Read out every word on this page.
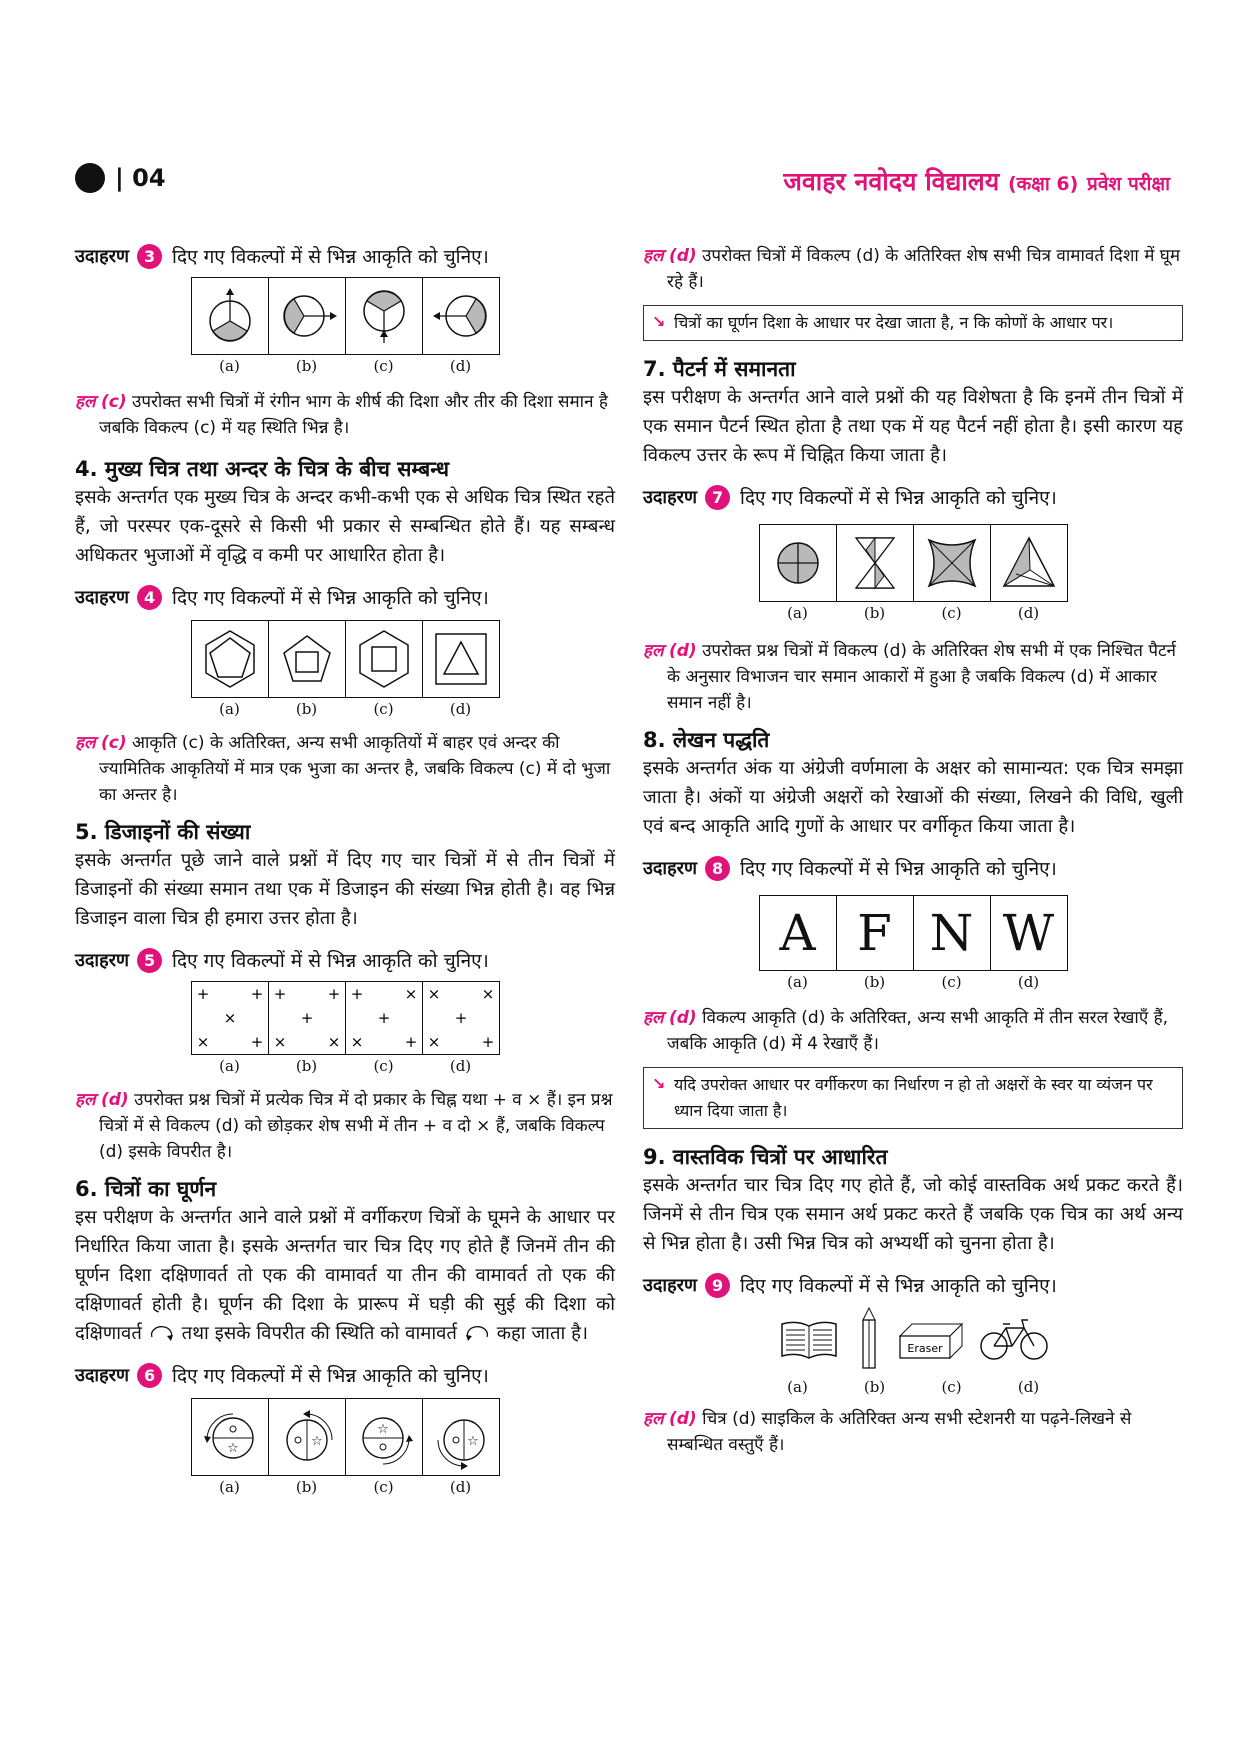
| 04	जवाहर नवोदय विद्यालय (कक्षा 6) प्रवेश परीक्षा
उदाहरण 3 दिए गए विकल्पों में से भिन्न आकृति को चुनिए।
(a)	(b)	(c)	(d)

हल (c) उपरोक्त सभी चित्रों में रंगीन भाग के शीर्ष की दिशा और तीर की दिशा समान है जबकि विकल्प (c) में यह स्थिति भिन्न है।

4. मुख्य चित्र तथा अन्दर के चित्र के बीच सम्बन्ध

इसके अन्तर्गत एक मुख्य चित्र के अन्दर कभी-कभी एक से अधिक चित्र स्थित रहते हैं, जो परस्पर एक-दूसरे से किसी भी प्रकार से सम्बन्धित होते हैं। यह सम्बन्ध अधिकतर भुजाओं में वृद्धि व कमी पर आधारित होता है।

उदाहरण 4 दिए गए विकल्पों में से भिन्न आकृति को चुनिए।
(a)	(b)	(c)	(d)

हल (c) आकृति (c) के अतिरिक्त, अन्य सभी आकृतियों में बाहर एवं अन्दर की ज्यामितिक आकृतियों में मात्र एक भुजा का अन्तर है, जबकि विकल्प (c) में दो भुजा का अन्तर है।

5. डिजाइनों की संख्या

इसके अन्तर्गत पूछे जाने वाले प्रश्नों में दिए गए चार चित्रों में से तीन चित्रों में डिजाइनों की संख्या समान तथा एक में डिजाइन की संख्या भिन्न होती है। वह भिन्न डिजाइन वाला चित्र ही हमारा उत्तर होता है।

उदाहरण 5 दिए गए विकल्पों में से भिन्न आकृति को चुनिए।
+	+
×
×	+
+	+
+
×	×
+	×
+
×	+
×	×
+
×	+
(a)	(b)	(c)	(d)

हल (d) उपरोक्त प्रश्न चित्रों में प्रत्येक चित्र में दो प्रकार के चिह्न यथा + व × हैं। इन प्रश्न चित्रों में से विकल्प (d) को छोड़कर शेष सभी में तीन + व दो × हैं, जबकि विकल्प (d) इसके विपरीत है।

6. चित्रों का घूर्णन

इस परीक्षण के अन्तर्गत आने वाले प्रश्नों में वर्गीकरण चित्रों के घूमने के आधार पर निर्धारित किया जाता है। इसके अन्तर्गत चार चित्र दिए गए होते हैं जिनमें तीन की घूर्णन दिशा दक्षिणावर्त तो एक की वामावर्त या तीन की वामावर्त तो एक की दक्षिणावर्त होती है। घूर्णन की दिशा के प्रारूप में घड़ी की सुई की दिशा को दक्षिणावर्त तथा इसके विपरीत की स्थिति को वामावर्त कहा जाता है।

उदाहरण 6 दिए गए विकल्पों में से भिन्न आकृति को चुनिए।
☆	☆
☆
☆
(a)	(b)	(c)	(d)

हल (d) उपरोक्त चित्रों में विकल्प (d) के अतिरिक्त शेष सभी चित्र वामावर्त दिशा में घूम रहे हैं।

↘ चित्रों का घूर्णन दिशा के आधार पर देखा जाता है, न कि कोणों के आधार पर।

7. पैटर्न में समानता

इस परीक्षण के अन्तर्गत आने वाले प्रश्नों की यह विशेषता है कि इनमें तीन चित्रों में एक समान पैटर्न स्थित होता है तथा एक में यह पैटर्न नहीं होता है। इसी कारण यह विकल्प उत्तर के रूप में चिह्नित किया जाता है।

उदाहरण 7 दिए गए विकल्पों में से भिन्न आकृति को चुनिए।
(a)	(b)	(c)	(d)

हल (d) उपरोक्त प्रश्न चित्रों में विकल्प (d) के अतिरिक्त शेष सभी में एक निश्चित पैटर्न के अनुसार विभाजन चार समान आकारों में हुआ है जबकि विकल्प (d) में आकार समान नहीं है।

8. लेखन पद्धति

इसके अन्तर्गत अंक या अंग्रेजी वर्णमाला के अक्षर को सामान्यत: एक चित्र समझा जाता है। अंकों या अंग्रेजी अक्षरों को रेखाओं की संख्या, लिखने की विधि, खुली एवं बन्द आकृति आदि गुणों के आधार पर वर्गीकृत किया जाता है।

उदाहरण 8 दिए गए विकल्पों में से भिन्न आकृति को चुनिए।
A F N W
(a)	(b)	(c)	(d)

हल (d) विकल्प आकृति (d) के अतिरिक्त, अन्य सभी आकृति में तीन सरल रेखाएँ हैं, जबकि आकृति (d) में 4 रेखाएँ हैं।

↘ यदि उपरोक्त आधार पर वर्गीकरण का निर्धारण न हो तो अक्षरों के स्वर या व्यंजन पर ध्यान दिया जाता है।

9. वास्तविक चित्रों पर आधारित

इसके अन्तर्गत चार चित्र दिए गए होते हैं, जो कोई वास्तविक अर्थ प्रकट करते हैं। जिनमें से तीन चित्र एक समान अर्थ प्रकट करते हैं जबकि एक चित्र का अर्थ अन्य से भिन्न होता है। उसी भिन्न चित्र को अभ्यर्थी को चुनना होता है।

उदाहरण 9 दिए गए विकल्पों में से भिन्न आकृति को चुनिए।
Eraser
(a)	(b)	(c)	(d)

हल (d) चित्र (d) साइकिल के अतिरिक्त अन्य सभी स्टेशनरी या पढ़ने-लिखने से सम्बन्धित वस्तुएँ हैं।
